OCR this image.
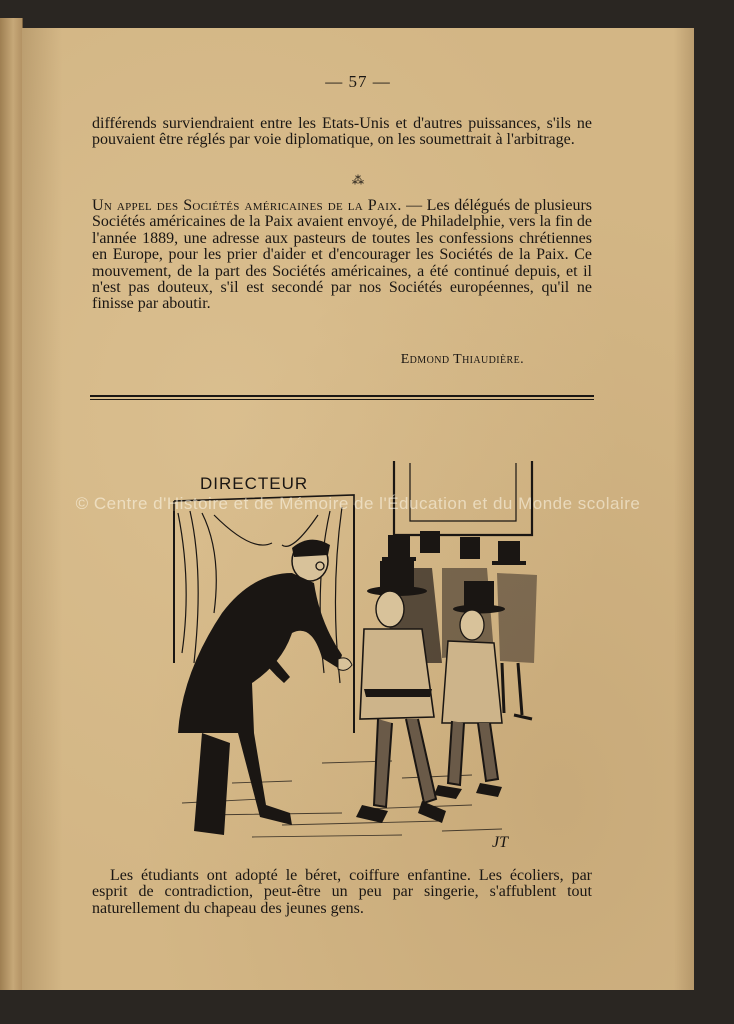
— 57 —

différends surviendraient entre les Etats-Unis et d'autres puissances, s'ils ne pouvaient être réglés par voie diplomatique, on les soumettrait à l'arbitrage.

⁂

Un appel des Sociétés américaines de la Paix. — Les délégués de plusieurs Sociétés américaines de la Paix avaient envoyé, de Philadelphie, vers la fin de l'année 1889, une adresse aux pasteurs de toutes les confessions chrétiennes en Europe, pour les prier d'aider et d'encourager les Sociétés de la Paix. Ce mouvement, de la part des Sociétés américaines, a été continué depuis, et il n'est pas douteux, s'il est secondé par nos Sociétés européennes, qu'il ne finisse par aboutir.

Edmond Thiaudière.
DIRECTEUR
JT
© Centre d'Histoire et de Mémoire de l'Éducation et du Monde scolaire

Les étudiants ont adopté le béret, coiffure enfantine. Les écoliers, par esprit de contradiction, peut-être un peu par singerie, s'affublent tout naturellement du chapeau des jeunes gens.
